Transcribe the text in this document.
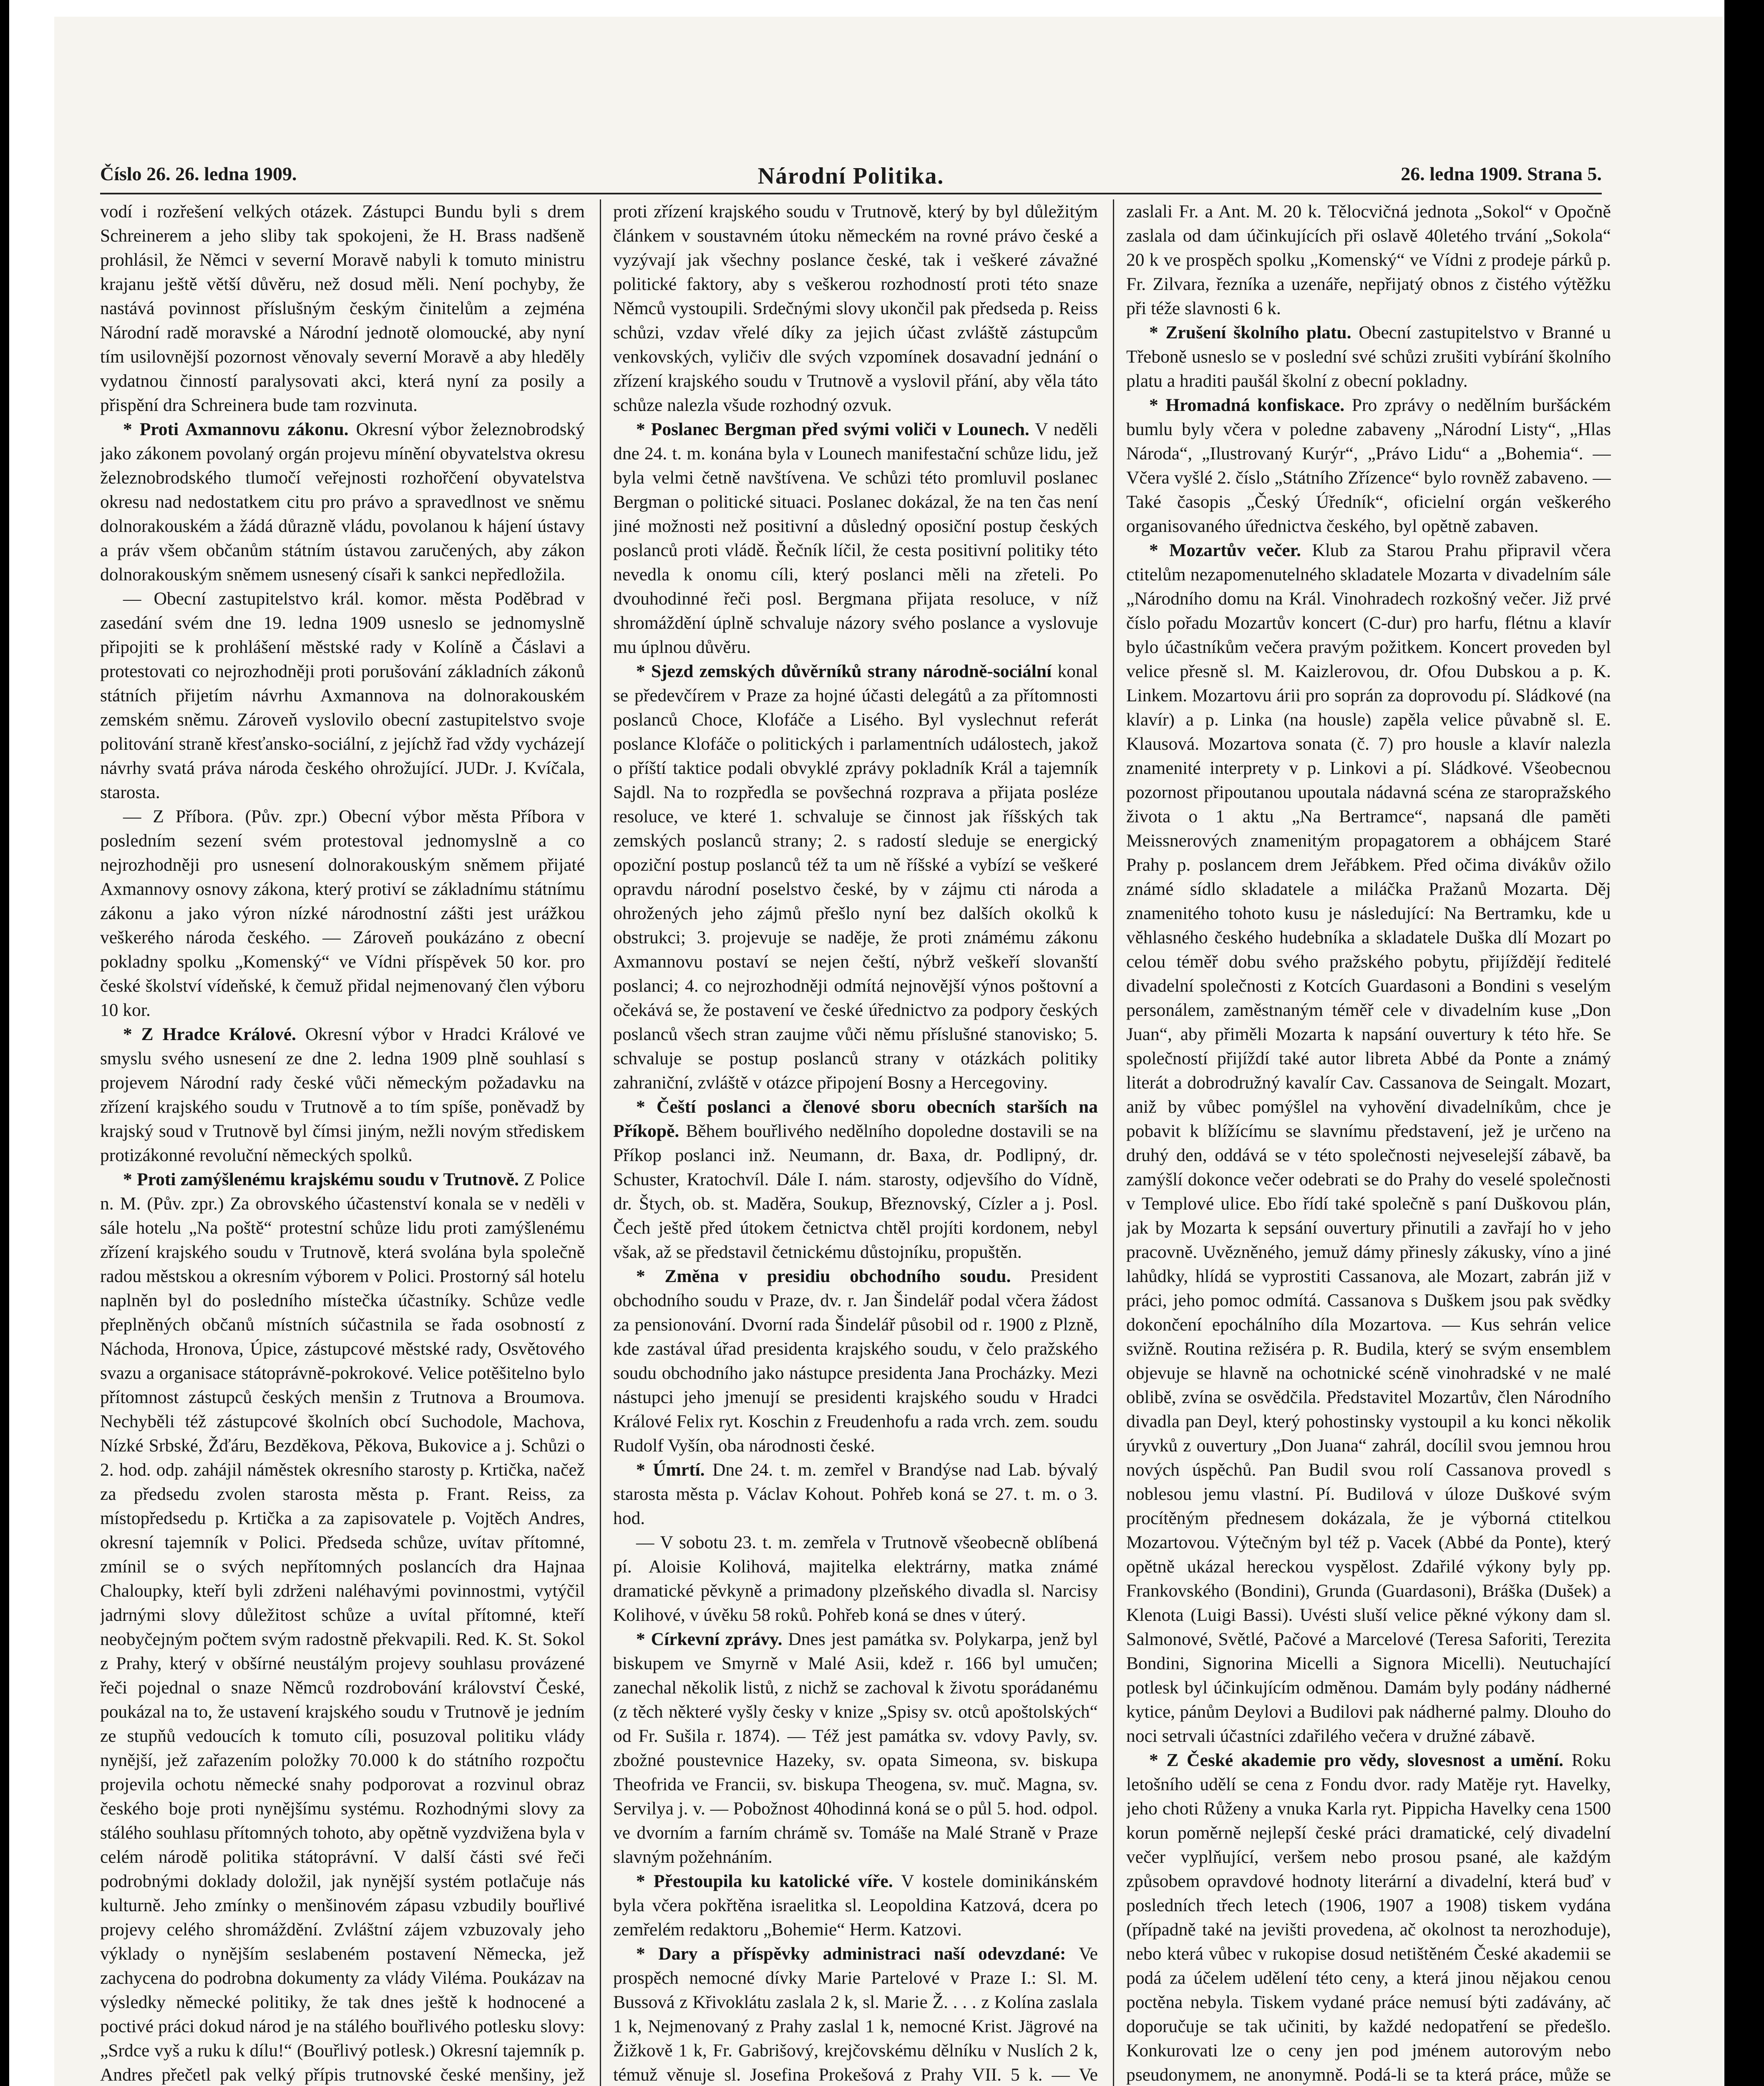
Číslo 26. 26. ledna 1909.	Národní Politika.	26. ledna 1909. Strana 5.

vodí i rozřešení velkých otázek. Zástupci Bundu byli s drem Schreinerem a jeho sliby tak spokojeni, že H. Brass nadšeně prohlásil, že Němci v severní Moravě nabyli k tomuto ministru krajanu ještě větší důvěru, než dosud měli. Není pochyby, že nastává povinnost příslušným českým činitelům a zejména Národní radě moravské a Národní jednotě olomoucké, aby nyní tím usilovnější pozornost věnovaly severní Moravě a aby hleděly vydatnou činností paralysovati akci, která nyní za posily a přispění dra Schreinera bude tam rozvinuta.

* Proti Axmannovu zákonu. Okresní výbor železnobrodský jako zákonem povolaný orgán projevu mínění obyvatelstva okresu železnobrodského tlumočí veřejnosti rozhořčení obyvatelstva okresu nad nedostatkem citu pro právo a spravedlnost ve sněmu dolnorakouském a žádá důrazně vládu, povolanou k hájení ústavy a práv všem občanům státním ústavou zaručených, aby zákon dolnorakouským sněmem usnesený císaři k sankci nepředložila.

— Obecní zastupitelstvo král. komor. města Poděbrad v zasedání svém dne 19. ledna 1909 usneslo se jednomyslně připojiti se k prohlášení městské rady v Kolíně a Čáslavi a protestovati co nejrozhodněji proti porušování základních zákonů státních přijetím návrhu Axmannova na dolnorakouském zemském sněmu. Zároveň vyslovilo obecní zastupitelstvo svoje politování straně křesťansko-sociální, z jejíchž řad vždy vycházejí návrhy svatá práva národa českého ohrožující. JUDr. J. Kvíčala, starosta.

— Z Příbora. (Pův. zpr.) Obecní výbor města Příbora v posledním sezení svém protestoval jednomyslně a co nejrozhodněji pro usnesení dolnorakouským sněmem přijaté Axmannovy osnovy zákona, který protiví se základnímu státnímu zákonu a jako výron nízké národnostní zášti jest urážkou veškerého národa českého. — Zároveň poukázáno z obecní pokladny spolku „Komenský“ ve Vídni příspěvek 50 kor. pro české školství vídeňské, k čemuž přidal nejmenovaný člen výboru 10 kor.

* Z Hradce Králové. Okresní výbor v Hradci Králové ve smyslu svého usnesení ze dne 2. ledna 1909 plně souhlasí s projevem Národní rady české vůči německým požadavku na zřízení krajského soudu v Trutnově a to tím spíše, poněvadž by krajský soud v Trutnově byl čímsi jiným, nežli novým střediskem protizákonné revoluční německých spolků.

* Proti zamýšlenému krajskému soudu v Trutnově. Z Police n. M. (Pův. zpr.) Za obrovského účastenství konala se v neděli v sále hotelu „Na poště“ protestní schůze lidu proti zamýšlenému zřízení krajského soudu v Trutnově, která svolána byla společně radou městskou a okresním výborem v Polici. Prostorný sál hotelu naplněn byl do posledního místečka účastníky. Schůze vedle přeplněných občanů místních súčastnila se řada osobností z Náchoda, Hronova, Úpice, zástupcové městské rady, Osvětového svazu a organisace státoprávně-pokrokové. Velice potěšitelno bylo přítomnost zástupců českých menšin z Trutnova a Broumova. Nechyběli též zástupcové školních obcí Suchodole, Machova, Nízké Srbské, Žďáru, Bezděkova, Pěkova, Bukovice a j. Schůzi o 2. hod. odp. zahájil náměstek okresního starosty p. Krtička, načež za předsedu zvolen starosta města p. Frant. Reiss, za místopředsedu p. Krtička a za zapisovatele p. Vojtěch Andres, okresní tajemník v Polici. Předseda schůze, uvítav přítomné, zmínil se o svých nepřítomných poslancích dra Hajnaa Chaloupky, kteří byli zdrženi naléhavými povinnostmi, vytýčil jadrnými slovy důležitost schůze a uvítal přítomné, kteří neobyčejným počtem svým radostně překvapili. Red. K. St. Sokol z Prahy, který v obšírné neustálým projevy souhlasu provázené řeči pojednal o snaze Němců rozdrobování království České, poukázal na to, že ustavení krajského soudu v Trutnově je jedním ze stupňů vedoucích k tomuto cíli, posuzoval politiku vlády nynější, jež zařazením položky 70.000 k do státního rozpočtu projevila ochotu německé snahy podporovat a rozvinul obraz českého boje proti nynějšímu systému. Rozhodnými slovy za stálého souhlasu přítomných tohoto, aby opětně vyzdvižena byla v celém národě politika státoprávní. V další části své řeči podrobnými doklady doložil, jak nynější systém potlačuje nás kulturně. Jeho zmínky o menšinovém zápasu vzbudily bouřlivé projevy celého shromáždění. Zvláštní zájem vzbuzovaly jeho výklady o nynějším seslabeném postavení Německa, jež zachycena do podrobna dokumenty za vlády Viléma. Poukázav na výsledky německé politiky, že tak dnes ještě k hodnocené a poctivé práci dokud národ je na stálého bouřlivého potlesku slovy: „Srdce vyš a ruku k dílu!“ (Bouřlivý potlesk.) Okresní tajemník p. Andres přečetl pak velký přípis trutnovské české menšiny, jež

proti zřízení krajského soudu v Trutnově, který by byl důležitým článkem v soustavném útoku německém na rovné právo české a vyzývají jak všechny poslance české, tak i veškeré závažné politické faktory, aby s veškerou rozhodností proti této snaze Němců vystoupili. Srdečnými slovy ukončil pak předseda p. Reiss schůzi, vzdav vřelé díky za jejich účast zvláště zástupcům venkovských, vyličiv dle svých vzpomínek dosavadní jednání o zřízení krajského soudu v Trutnově a vyslovil přání, aby věla táto schůze nalezla všude rozhodný ozvuk.

* Poslanec Bergman před svými voliči v Lounech. V neděli dne 24. t. m. konána byla v Lounech manifestační schůze lidu, jež byla velmi četně navštívena. Ve schůzi této promluvil poslanec Bergman o politické situaci. Poslanec dokázal, že na ten čas není jiné možnosti než positivní a důsledný oposiční postup českých poslanců proti vládě. Řečník líčil, že cesta positivní politiky této nevedla k onomu cíli, který poslanci měli na zřeteli. Po dvouhodinné řeči posl. Bergmana přijata resoluce, v níž shromáždění úplně schvaluje názory svého poslance a vyslovuje mu úplnou důvěru.

* Sjezd zemských důvěrníků strany národně-sociální konal se předevčírem v Praze za hojné účasti delegátů a za přítomnosti poslanců Choce, Klofáče a Lisého. Byl vyslechnut referát poslance Klofáče o politických i parlamentních událostech, jakož o příští taktice podali obvyklé zprávy pokladník Král a tajemník Sajdl. Na to rozpředla se povšechná rozprava a přijata posléze resoluce, ve které 1. schvaluje se činnost jak říšských tak zemských poslanců strany; 2. s radostí sleduje se energický opoziční postup poslanců též ta um ně říšské a vybízí se veškeré opravdu národní poselstvo české, by v zájmu cti národa a ohrožených jeho zájmů přešlo nyní bez dalších okolků k obstrukci; 3. projevuje se naděje, že proti známému zákonu Axmannovu postaví se nejen čeští, nýbrž veškeří slovanští poslanci; 4. co nejrozhodněji odmítá nejnovější výnos poštovní a očekává se, že postavení ve české úřednictvo za podpory českých poslanců všech stran zaujme vůči němu příslušné stanovisko; 5. schvaluje se postup poslanců strany v otázkách politiky zahraniční, zvláště v otázce připojení Bosny a Hercegoviny.

* Čeští poslanci a členové sboru obecních starších na Příkopě. Během bouřlivého nedělního dopoledne dostavili se na Příkop poslanci inž. Neumann, dr. Baxa, dr. Podlipný, dr. Schuster, Kratochvíl. Dále I. nám. starosty, odjevšího do Vídně, dr. Štych, ob. st. Maděra, Soukup, Březnovský, Cízler a j. Posl. Čech ještě před útokem četnictva chtěl projíti kordonem, nebyl však, až se představil četnickému důstojníku, propuštěn.

* Změna v presidiu obchodního soudu. President obchodního soudu v Praze, dv. r. Jan Šindelář podal včera žádost za pensionování. Dvorní rada Šindelář působil od r. 1900 z Plzně, kde zastával úřad presidenta krajského soudu, v čelo pražského soudu obchodního jako nástupce presidenta Jana Procházky. Mezi nástupci jeho jmenují se presidenti krajského soudu v Hradci Králové Felix ryt. Koschin z Freudenhofu a rada vrch. zem. soudu Rudolf Vyšín, oba národnosti české.

* Úmrtí. Dne 24. t. m. zemřel v Brandýse nad Lab. bývalý starosta města p. Václav Kohout. Pohřeb koná se 27. t. m. o 3. hod.

— V sobotu 23. t. m. zemřela v Trutnově všeobecně oblíbená pí. Aloisie Kolihová, majitelka elektrárny, matka známé dramatické pěvkyně a primadony plzeňského divadla sl. Narcisy Kolihové, v úvěku 58 roků. Pohřeb koná se dnes v úterý.

* Církevní zprávy. Dnes jest památka sv. Polykarpa, jenž byl biskupem ve Smyrně v Malé Asii, kdež r. 166 byl umučen; zanechal několik listů, z nichž se zachoval k životu sporádanému (z těch některé vyšly česky v knize „Spisy sv. otců apoštolských“ od Fr. Sušila r. 1874). — Též jest památka sv. vdovy Pavly, sv. zbožné poustevnice Hazeky, sv. opata Simeona, sv. biskupa Theofrida ve Francii, sv. biskupa Theogena, sv. muč. Magna, sv. Servilya j. v. — Pobožnost 40hodinná koná se o půl 5. hod. odpol. ve dvorním a farním chrámě sv. Tomáše na Malé Straně v Praze slavným požehnáním.

* Přestoupila ku katolické víře. V kostele dominikánském byla včera pokřtěna israelitka sl. Leopoldina Katzová, dcera po zemřelém redaktoru „Bohemie“ Herm. Katzovi.

* Dary a příspěvky administraci naší odevzdané: Ve prospěch nemocné dívky Marie Partelové v Praze I.: Sl. M. Bussová z Křivoklátu zaslala 2 k, sl. Marie Ž. . . . z Kolína zaslala 1 k, Nejmenovaný z Prahy zaslal 1 k, nemocné Krist. Jägrové na Žižkově 1 k, Fr. Gabrišový, krejčovskému dělníku v Nuslích 2 k, témuž věnuje sl. Josefina Prokešová z Prahy VII. 5 k. — Ve

zaslali Fr. a Ant. M. 20 k. Tělocvičná jednota „Sokol“ v Opočně zaslala od dam účinkujících při oslavě 40letého trvání „Sokola“ 20 k ve prospěch spolku „Komenský“ ve Vídni z prodeje párků p. Fr. Zilvara, řezníka a uzenáře, nepřijatý obnos z čistého výtěžku při téže slavnosti 6 k.

* Zrušení školního platu. Obecní zastupitelstvo v Branné u Třeboně usneslo se v poslední své schůzi zrušiti vybírání školního platu a hraditi paušál školní z obecní pokladny.

* Hromadná konfiskace. Pro zprávy o nedělním buršáckém bumlu byly včera v poledne zabaveny „Národní Listy“, „Hlas Národa“, „Ilustrovaný Kurýr“, „Právo Lidu“ a „Bohemia“. — Včera vyšlé 2. číslo „Státního Zřízence“ bylo rovněž zabaveno. — Také časopis „Český Úředník“, oficielní orgán veškerého organisovaného úřednictva českého, byl opětně zabaven.

* Mozartův večer. Klub za Starou Prahu připravil včera ctitelům nezapomenutelného skladatele Mozarta v divadelním sále „Národního domu na Král. Vinohradech rozkošný večer. Již prvé číslo pořadu Mozartův koncert (C-dur) pro harfu, flétnu a klavír bylo účastníkům večera pravým požitkem. Koncert proveden byl velice přesně sl. M. Kaizlerovou, dr. Ofou Dubskou a p. K. Linkem. Mozartovu árii pro soprán za doprovodu pí. Sládkové (na klavír) a p. Linka (na housle) zapěla velice půvabně sl. E. Klausová. Mozartova sonata (č. 7) pro housle a klavír nalezla znamenité interprety v p. Linkovi a pí. Sládkové. Všeobecnou pozornost připoutanou upoutala nádavná scéna ze staropražského života o 1 aktu „Na Bertramce“, napsaná dle paměti Meissnerových znamenitým propagatorem a obhájcem Staré Prahy p. poslancem drem Jeřábkem. Před očima divákův ožilo známé sídlo skladatele a miláčka Pražanů Mozarta. Děj znamenitého tohoto kusu je následující: Na Bertramku, kde u věhlasného českého hudebníka a skladatele Duška dlí Mozart po celou téměř dobu svého pražského pobytu, přijíždějí ředitelé divadelní společnosti z Kotcích Guardasoni a Bondini s veselým personálem, zaměstnaným téměř cele v divadelním kuse „Don Juan“, aby přiměli Mozarta k napsání ouvertury k této hře. Se společností přijíždí také autor libreta Abbé da Ponte a známý literát a dobrodružný kavalír Cav. Cassanova de Seingalt. Mozart, aniž by vůbec pomýšlel na vyhovění divadelníkům, chce je pobavit k blížícímu se slavnímu představení, jež je určeno na druhý den, oddává se v této společnosti nejveselejší zábavě, ba zamýšlí dokonce večer odebrati se do Prahy do veselé společnosti v Templové ulice. Ebo řídí také společně s paní Duškovou plán, jak by Mozarta k sepsání ouvertury přinutili a zavřají ho v jeho pracovně. Uvězněného, jemuž dámy přinesly zákusky, víno a jiné lahůdky, hlídá se vyprostiti Cassanova, ale Mozart, zabrán již v práci, jeho pomoc odmítá. Cassanova s Duškem jsou pak svědky dokončení epochálního díla Mozartova. — Kus sehrán velice svižně. Routina režiséra p. R. Budila, který se svým ensemblem objevuje se hlavně na ochotnické scéně vinohradské v ne malé oblibě, zvína se osvědčila. Představitel Mozartův, člen Národního divadla pan Deyl, který pohostinsky vystoupil a ku konci několik úryvků z ouvertury „Don Juana“ zahrál, docílil svou jemnou hrou nových úspěchů. Pan Budil svou rolí Cassanova provedl s noblesou jemu vlastní. Pí. Budilová v úloze Duškové svým procítěným přednesem dokázala, že je výborná ctitelkou Mozartovou. Výtečným byl též p. Vacek (Abbé da Ponte), který opětně ukázal hereckou vyspělost. Zdařilé výkony byly pp. Frankovského (Bondini), Grunda (Guardasoni), Bráška (Dušek) a Klenota (Luigi Bassi). Uvésti sluší velice pěkné výkony dam sl. Salmonové, Světlé, Pačové a Marcelové (Teresa Saforiti, Terezita Bondini, Signorina Micelli a Signora Micelli). Neutuchající potlesk byl účinkujícím odměnou. Damám byly podány nádherné kytice, pánům Deylovi a Budilovi pak nádherné palmy. Dlouho do noci setrvali účastníci zdařilého večera v družné zábavě.

* Z České akademie pro vědy, slovesnost a umění. Roku letošního udělí se cena z Fondu dvor. rady Matěje ryt. Havelky, jeho choti Růženy a vnuka Karla ryt. Pippicha Havelky cena 1500 korun poměrně nejlepší české práci dramatické, celý divadelní večer vyplňující, veršem nebo prosou psané, ale každým způsobem opravdové hodnoty literární a divadelní, která buď v posledních třech letech (1906, 1907 a 1908) tiskem vydána (případně také na jevišti provedena, ač okolnost ta nerozhoduje), nebo která vůbec v rukopise dosud netištěném České akademii se podá za účelem udělení této ceny, a která jinou nějakou cenou poctěna nebyla. Tiskem vydané práce nemusí býti zadávány, ač doporučuje se tak učiniti, by každé nedopatření se předešlo. Konkurovati lze o ceny jen pod jménem autorovým nebo pseudonymem, ne anonymně. Podá-li se ta která práce, může se
